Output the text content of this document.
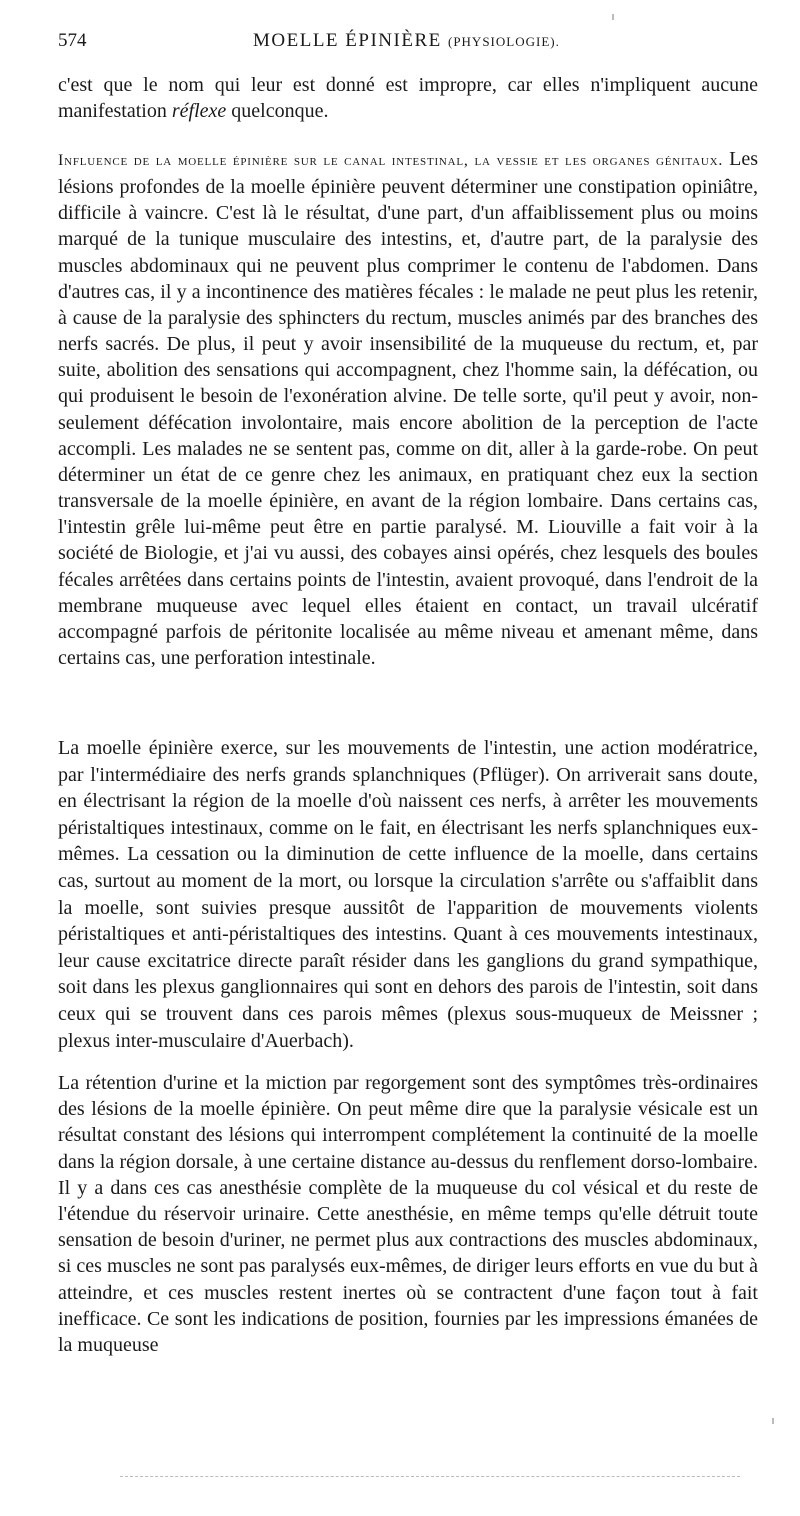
574	MOELLE ÉPINIÈRE (PHYSIOLOGIE).

c'est que le nom qui leur est donné est impropre, car elles n'impliquent aucune manifestation réflexe quelconque.

Influence de la moelle épinière sur le canal intestinal, la vessie et les organes génitaux. Les lésions profondes de la moelle épinière peuvent déterminer une constipation opiniâtre, difficile à vaincre. C'est là le résultat, d'une part, d'un affaiblissement plus ou moins marqué de la tunique musculaire des intestins, et, d'autre part, de la paralysie des muscles abdominaux qui ne peuvent plus comprimer le contenu de l'abdomen. Dans d'autres cas, il y a incontinence des matières fécales : le malade ne peut plus les retenir, à cause de la paralysie des sphincters du rectum, muscles animés par des branches des nerfs sacrés. De plus, il peut y avoir insensibilité de la muqueuse du rectum, et, par suite, abolition des sensations qui accompagnent, chez l'homme sain, la défécation, ou qui produisent le besoin de l'exonération alvine. De telle sorte, qu'il peut y avoir, non-seulement défécation involontaire, mais encore abolition de la perception de l'acte accompli. Les malades ne se sentent pas, comme on dit, aller à la garde-robe. On peut déterminer un état de ce genre chez les animaux, en pratiquant chez eux la section transversale de la moelle épinière, en avant de la région lombaire. Dans certains cas, l'intestin grêle lui-même peut être en partie paralysé. M. Liouville a fait voir à la société de Biologie, et j'ai vu aussi, des cobayes ainsi opérés, chez lesquels des boules fécales arrêtées dans certains points de l'intestin, avaient provoqué, dans l'endroit de la membrane muqueuse avec lequel elles étaient en contact, un travail ulcératif accompagné parfois de péritonite localisée au même niveau et amenant même, dans certains cas, une perforation intestinale.

La moelle épinière exerce, sur les mouvements de l'intestin, une action modératrice, par l'intermédiaire des nerfs grands splanchniques (Pflüger). On arriverait sans doute, en électrisant la région de la moelle d'où naissent ces nerfs, à arrêter les mouvements péristaltiques intestinaux, comme on le fait, en électrisant les nerfs splanchniques eux-mêmes. La cessation ou la diminution de cette influence de la moelle, dans certains cas, surtout au moment de la mort, ou lorsque la circulation s'arrête ou s'affaiblit dans la moelle, sont suivies presque aussitôt de l'apparition de mouvements violents péristaltiques et anti-péristaltiques des intestins. Quant à ces mouvements intestinaux, leur cause excitatrice directe paraît résider dans les ganglions du grand sympathique, soit dans les plexus ganglionnaires qui sont en dehors des parois de l'intestin, soit dans ceux qui se trouvent dans ces parois mêmes (plexus sous-muqueux de Meissner ; plexus inter-musculaire d'Auerbach).

La rétention d'urine et la miction par regorgement sont des symptômes très-ordinaires des lésions de la moelle épinière. On peut même dire que la paralysie vésicale est un résultat constant des lésions qui interrompent complétement la continuité de la moelle dans la région dorsale, à une certaine distance au-dessus du renflement dorso-lombaire. Il y a dans ces cas anesthésie complète de la muqueuse du col vésical et du reste de l'étendue du réservoir urinaire. Cette anesthésie, en même temps qu'elle détruit toute sensation de besoin d'uriner, ne permet plus aux contractions des muscles abdominaux, si ces muscles ne sont pas paralysés eux-mêmes, de diriger leurs efforts en vue du but à atteindre, et ces muscles restent inertes où se contractent d'une façon tout à fait inefficace. Ce sont les indications de position, fournies par les impressions émanées de la muqueuse
